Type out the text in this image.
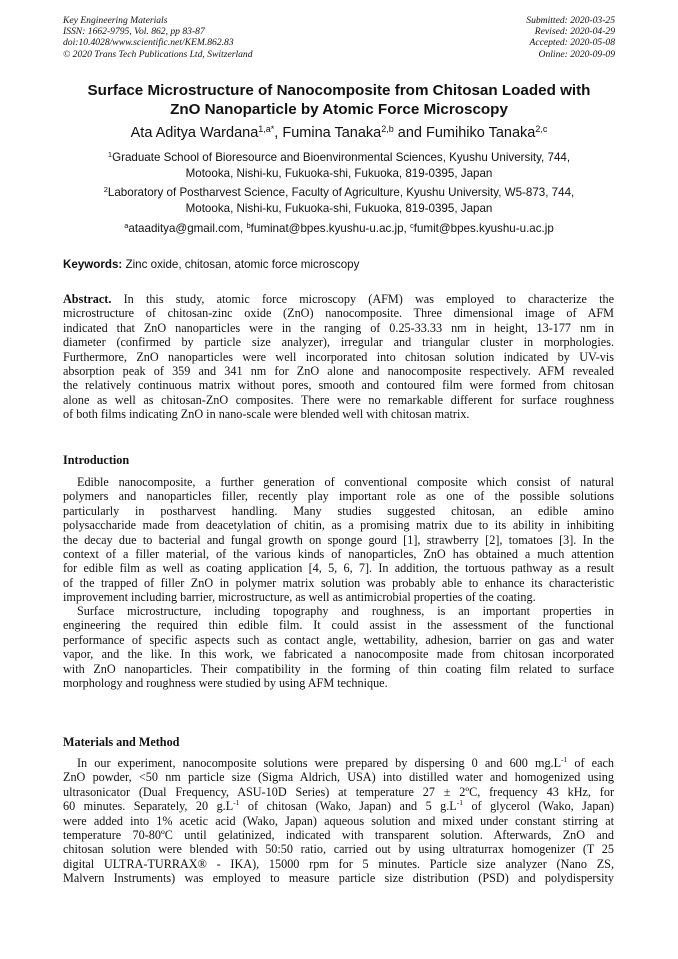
Key Engineering Materials
ISSN: 1662-9795, Vol. 862, pp 83-87
doi:10.4028/www.scientific.net/KEM.862.83
© 2020 Trans Tech Publications Ltd, Switzerland
Submitted: 2020-03-25
Revised: 2020-04-29
Accepted: 2020-05-08
Online: 2020-09-09
Surface Microstructure of Nanocomposite from Chitosan Loaded with
ZnO Nanoparticle by Atomic Force Microscopy
Ata Aditya Wardana$^{1,a*}$, Fumina Tanaka$^{2,b}$ and Fumihiko Tanaka$^{2,c}$
$^1$Graduate School of Bioresource and Bioenvironmental Sciences, Kyushu University, 744,
Motooka, Nishi-ku, Fukuoka-shi, Fukuoka, 819-0395, Japan
$^2$Laboratory of Postharvest Science, Faculty of Agriculture, Kyushu University, W5-873, 744,
Motooka, Nishi-ku, Fukuoka-shi, Fukuoka, 819-0395, Japan
$^a$ataaditya@gmail.com, $^b$fuminat@bpes.kyushu-u.ac.jp, $^c$fumit@bpes.kyushu-u.ac.jp
Keywords: Zinc oxide, chitosan, atomic force microscopy
Abstract. In this study, atomic force microscopy (AFM) was employed to characterize the
microstructure of chitosan-zinc oxide (ZnO) nanocomposite. Three dimensional image of AFM
indicated that ZnO nanoparticles were in the ranging of 0.25-33.33 nm in height, 13-177 nm in
diameter (confirmed by particle size analyzer), irregular and triangular cluster in morphologies.
Furthermore, ZnO nanoparticles were well incorporated into chitosan solution indicated by UV-vis
absorption peak of 359 and 341 nm for ZnO alone and nanocomposite respectively. AFM revealed
the relatively continuous matrix without pores, smooth and contoured film were formed from chitosan
alone as well as chitosan-ZnO composites. There were no remarkable different for surface roughness
of both films indicating ZnO in nano-scale were blended well with chitosan matrix.
Introduction
Edible nanocomposite, a further generation of conventional composite which consist of natural
polymers and nanoparticles filler, recently play important role as one of the possible solutions
particularly in postharvest handling. Many studies suggested chitosan, an edible amino
polysaccharide made from deacetylation of chitin, as a promising matrix due to its ability in inhibiting
the decay due to bacterial and fungal growth on sponge gourd [1], strawberry [2], tomatoes [3]. In the
context of a filler material, of the various kinds of nanoparticles, ZnO has obtained a much attention
for edible film as well as coating application [4, 5, 6, 7]. In addition, the tortuous pathway as a result
of the trapped of filler ZnO in polymer matrix solution was probably able to enhance its characteristic
improvement including barrier, microstructure, as well as antimicrobial properties of the coating.
Surface microstructure, including topography and roughness, is an important properties in
engineering the required thin edible film. It could assist in the assessment of the functional
performance of specific aspects such as contact angle, wettability, adhesion, barrier on gas and water
vapor, and the like. In this work, we fabricated a nanocomposite made from chitosan incorporated
with ZnO nanoparticles. Their compatibility in the forming of thin coating film related to surface
morphology and roughness were studied by using AFM technique.
Materials and Method
In our experiment, nanocomposite solutions were prepared by dispersing 0 and 600 $mg.L^{-1}$ of each
ZnO powder, <50 nm particle size (Sigma Aldrich, USA) into distilled water and homogenized using
ultrasonicator (Dual Frequency, ASU-10D Series) at temperature 27 ± 2ºC, frequency 43 kHz, for
60 minutes. Separately, 20 $g.L^{-1}$ of chitosan (Wako, Japan) and 5 $g.L^{-1}$ of glycerol (Wako, Japan)
were added into 1% acetic acid (Wako, Japan) aqueous solution and mixed under constant stirring at
temperature 70-80ºC until gelatinized, indicated with transparent solution. Afterwards, ZnO and
chitosan solution were blended with 50:50 ratio, carried out by using ultraturrax homogenizer (T 25
digital ULTRA-TURRAX® - IKA), 15000 rpm for 5 minutes. Particle size analyzer (Nano ZS,
Malvern Instruments) was employed to measure particle size distribution (PSD) and polydispersity
